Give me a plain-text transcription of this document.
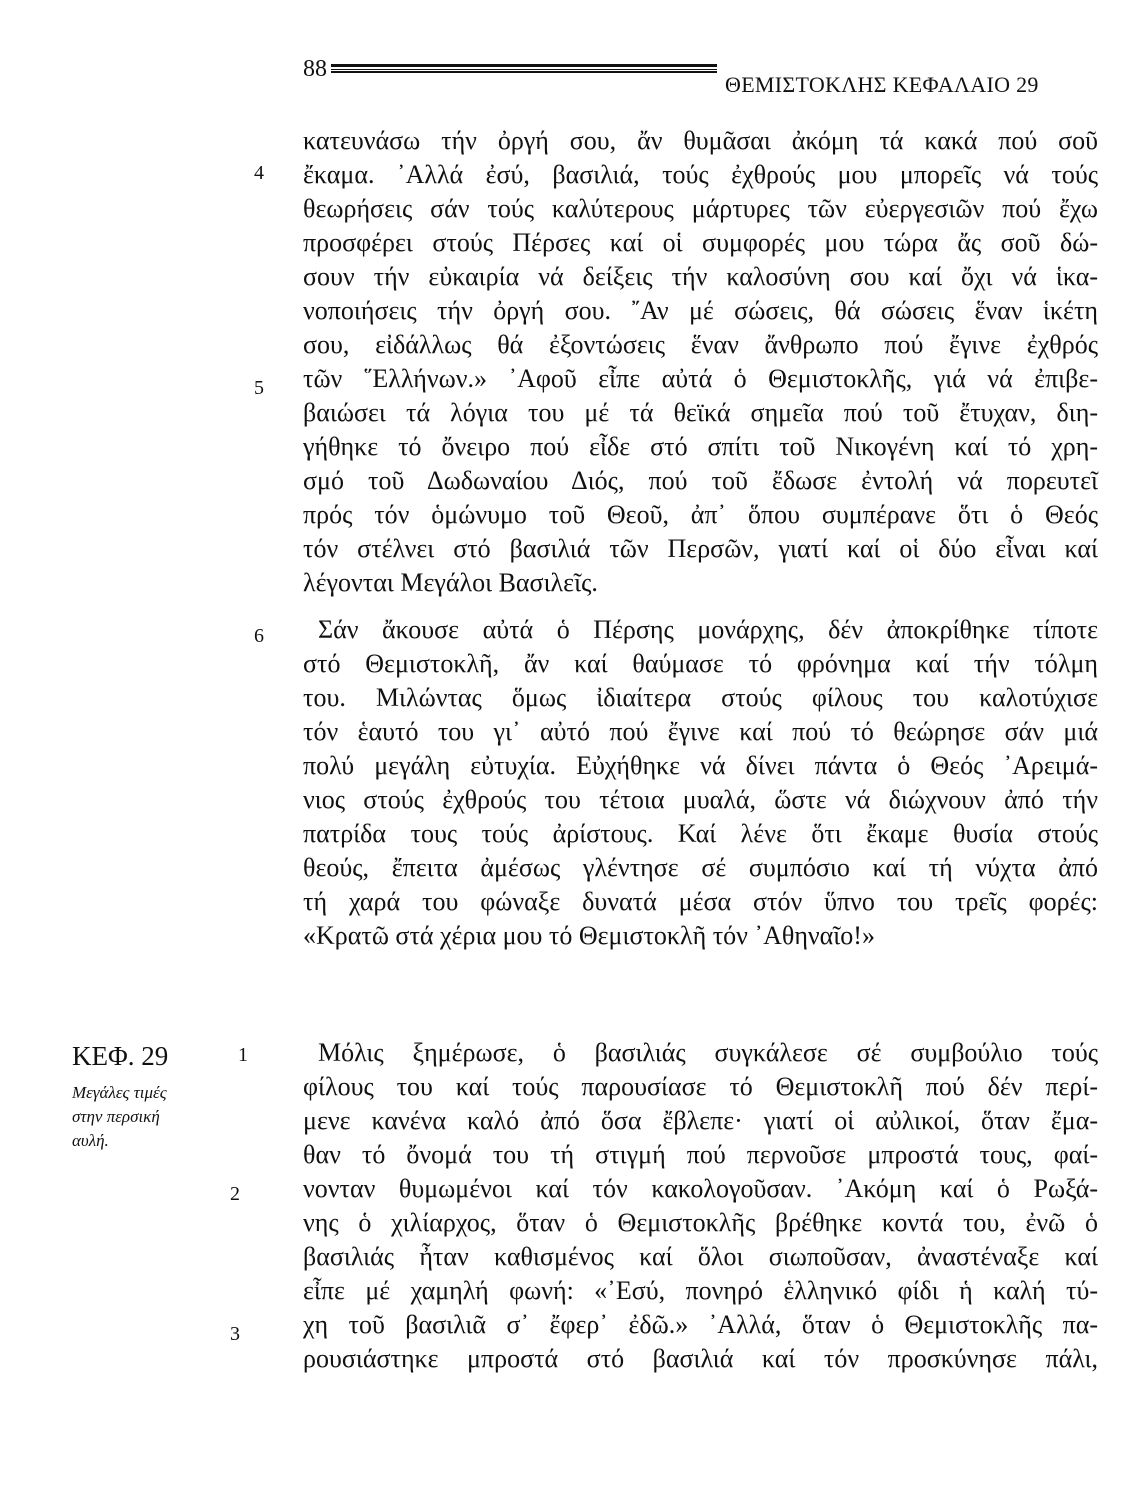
88
ΘΕΜΙΣΤΟΚΛΗΣ ΚΕΦΑΛΑΙΟ 29
4
5
6
1
2
3
ΚΕΦ. 29
Μεγάλες τιμές
στην περσική
αυλή.
κατευνάσω τήν ὀργή σου, ἄν θυμᾶσαι ἀκόμη τά κακά πού σοῦ
ἔκαμα. ᾿Αλλά ἐσύ, βασιλιά, τούς ἐχθρούς μου μπορεῖς νά τούς
θεωρήσεις σάν τούς καλύτερους μάρτυρες τῶν εὐεργεσιῶν πού ἔχω
προσφέρει στούς Πέρσες καί οἱ συμφορές μου τώρα ἄς σοῦ δώ-
σουν τήν εὐκαιρία νά δείξεις τήν καλοσύνη σου καί ὄχι νά ἱκα-
νοποιήσεις τήν ὀργή σου. ῎Αν μέ σώσεις, θά σώσεις ἕναν ἱκέτη
σου, εἰδάλλως θά ἐξοντώσεις ἕναν ἄνθρωπο πού ἔγινε ἐχθρός
τῶν ῞Ελλήνων.» ᾿Αφοῦ εἶπε αὐτά ὁ Θεμιστοκλῆς, γιά νά ἐπιβε-
βαιώσει τά λόγια του μέ τά θεϊκά σημεῖα πού τοῦ ἔτυχαν, διη-
γήθηκε τό ὄνειρο πού εἶδε στό σπίτι τοῦ Νικογένη καί τό χρη-
σμό τοῦ Δωδωναίου Διός, πού τοῦ ἔδωσε ἐντολή νά πορευτεῖ
πρός τόν ὁμώνυμο τοῦ Θεοῦ, ἀπ᾿ ὅπου συμπέρανε ὅτι ὁ Θεός
τόν στέλνει στό βασιλιά τῶν Περσῶν, γιατί καί οἱ δύο εἶναι καί
λέγονται Μεγάλοι Βασιλεῖς.
Σάν ἄκουσε αὐτά ὁ Πέρσης μονάρχης, δέν ἀποκρίθηκε τίποτε
στό Θεμιστοκλῆ, ἄν καί θαύμασε τό φρόνημα καί τήν τόλμη
του. Μιλώντας ὅμως ἰδιαίτερα στούς φίλους του καλοτύχισε
τόν ἑαυτό του γι᾿ αὐτό πού ἔγινε καί πού τό θεώρησε σάν μιά
πολύ μεγάλη εὐτυχία. Εὐχήθηκε νά δίνει πάντα ὁ Θεός ᾿Αρειμά-
νιος στούς ἐχθρούς του τέτοια μυαλά, ὥστε νά διώχνουν ἀπό τήν
πατρίδα τους τούς ἀρίστους. Καί λένε ὅτι ἔκαμε θυσία στούς
θεούς, ἔπειτα ἀμέσως γλέντησε σέ συμπόσιο καί τή νύχτα ἀπό
τή χαρά του φώναξε δυνατά μέσα στόν ὕπνο του τρεῖς φορές:
«Κρατῶ στά χέρια μου τό Θεμιστοκλῆ τόν ᾿Αθηναῖο!»
Μόλις ξημέρωσε, ὁ βασιλιάς συγκάλεσε σέ συμβούλιο τούς
φίλους του καί τούς παρουσίασε τό Θεμιστοκλῆ πού δέν περί-
μενε κανένα καλό ἀπό ὅσα ἔβλεπε· γιατί οἱ αὐλικοί, ὅταν ἔμα-
θαν τό ὄνομά του τή στιγμή πού περνοῦσε μπροστά τους, φαί-
νονταν θυμωμένοι καί τόν κακολογοῦσαν. ᾿Ακόμη καί ὁ Ρωξά-
νης ὁ χιλίαρχος, ὅταν ὁ Θεμιστοκλῆς βρέθηκε κοντά του, ἐνῶ ὁ
βασιλιάς ἦταν καθισμένος καί ὅλοι σιωποῦσαν, ἀναστέναξε καί
εἶπε μέ χαμηλή φωνή: «᾿Εσύ, πονηρό ἑλληνικό φίδι ἡ καλή τύ-
χη τοῦ βασιλιᾶ σ᾿ ἔφερ᾿ ἐδῶ.» ᾿Αλλά, ὅταν ὁ Θεμιστοκλῆς πα-
ρουσιάστηκε μπροστά στό βασιλιά καί τόν προσκύνησε πάλι,
